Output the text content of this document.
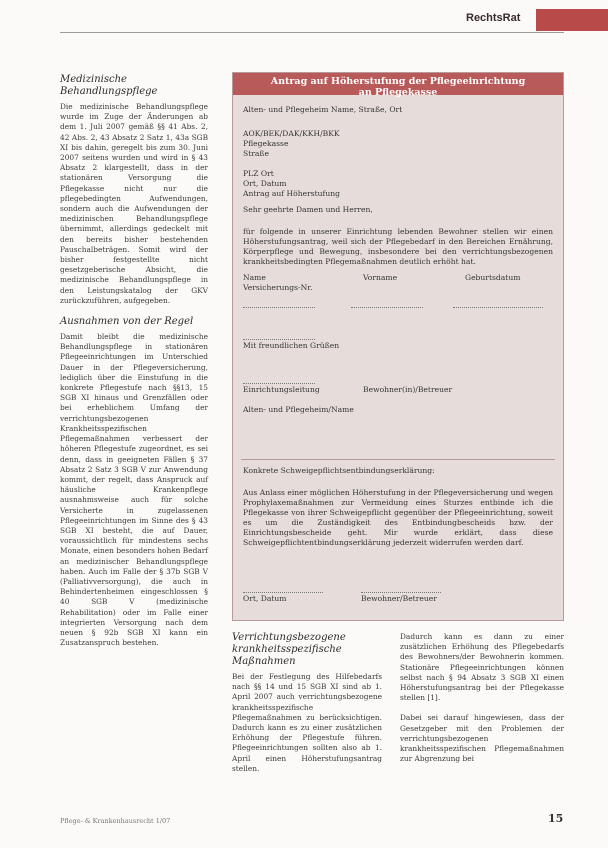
RechtsRat
Medizinische Behandlungspflege

Die medizinische Behandlungspflege wurde im Zuge der Änderungen ab dem 1. Juli 2007 gemäß §§ 41 Abs. 2, 42 Abs. 2, 43 Absatz 2 Satz 1, 43a SGB XI bis dahin, geregelt bis zum 30. Juni 2007 seitens wurden und wird in § 43 Absatz 2 klargestellt, dass in der stationären Versorgung die Pflegekasse nicht nur die pflegebedingten Aufwendungen, sondern auch die Aufwendungen der medizinischen Behandlungspflege übernimmt, allerdings gedeckelt mit den bereits bisher bestehenden Pauschalbeträgen. Somit wird der bisher festgestellte nicht gesetzgeberische Absicht, die medizinische Behandlungspflege in den Leistungskatalog der GKV zurückzuführen, aufgegeben.

Ausnahmen von der Regel

Damit bleibt die medizinische Behandlungspflege in stationären Pflegeeinrichtungen im Unterschied Dauer in der Pflegeversicherung, lediglich über die Einstufung in die konkrete Pflegestufe nach §§13, 15 SGB XI hinaus und Grenzfällen oder bei erheblichem Umfang der verrichtungsbezogenen Krankheitsspezifischen Pflegemaßnahmen verbessert der höheren Pflegestufe zugeordnet, es sei denn, dass in geeigneten Fällen § 37 Absatz 2 Satz 3 SGB V zur Anwendung kommt, der regelt, dass Anspruck auf häusliche Krankenpflege ausnahmsweise auch für solche Versicherte in zugelassenen Pflegeeinrichtungen im Sinne des § 43 SGB XI besteht, die auf Dauer, voraussichtlich für mindestens sechs Monate, einen besonders hohen Bedarf an medizinischer Behandlungspflege haben. Auch im Falle der § 37b SGB V (Palliativversorgung), die auch in Behindertenheimen eingeschlossen § 40 SGB V (medizinische Rehabilitation) oder im Falle einer integrierten Versorgung nach dem neuen § 92b SGB XI kann ein Zusatzanspruch bestehen.

Antrag auf Höherstufung der Pflegeeinrichtung
an Pflegekasse
Alten- und Pflegeheim Name, Straße, Ort
AOK/BEK/DAK/KKH/BKK
Pflegekasse
Straße
PLZ Ort
Ort, Datum
Antrag auf Höherstufung
Sehr geehrte Damen und Herren,
für folgende in unserer Einrichtung lebenden Bewohner stellen wir einen Höherstufungsantrag, weil sich der Pflegebedarf in den Bereichen Ernährung, Körperpflege und Bewegung, insbesondere bei den verrichtungsbezogenen krankheitsbedingten Pflegemaßnahmen deutlich erhöht hat.
Name	Vorname	Geburtsdatum
Versicherungs-Nr.
Mit freundlichen Grüßen
Einrichtungsleitung	Bewohner(in)/Betreuer
Alten- und Pflegeheim/Name
Konkrete Schweigepflichtsentbindungserklärung:
Aus Anlass einer möglichen Höherstufung in der Pflegeversicherung und wegen Prophylaxemaßnahmen zur Vermeidung eines Sturzes entbinde ich die Pflegekasse von ihrer Schweigepflicht gegenüber der Pflegeeinrichtung, soweit es um die Zuständigkeit des Entbindungbescheids bzw. der Einrichtungsbescheide geht. Mir wurde erklärt, dass diese Schweigepflichtentbindungserklärung jederzeit widerrufen werden darf.
Ort, Datum	Bewohner/Betreuer
Verrichtungsbezogene krankheitsspezifische Maßnahmen

Bei der Festlegung des Hilfebedarfs nach §§ 14 und 15 SGB XI sind ab 1. April 2007 auch verrichtungsbezogene krankheitsspezifische Pflegemaßnahmen zu berücksichtigen. Dadurch kann es zu einer zusätzlichen Erhöhung der Pflegestufe führen. Pflegeeinrichtungen sollten also ab 1. April einen Höherstufungsantrag stellen.

Dadurch kann es dann zu einer zusätzlichen Erhöhung des Pflegebedarfs des Bewohners/der Bewohnerin kommen. Stationäre Pflegeeinrichtungen können selbst nach § 94 Absatz 3 SGB XI einen Höherstufungsantrag bei der Pflegekasse stellen [1].

Dabei sei darauf hingewiesen, dass der Gesetzgeber mit den Problemen der verrichtungsbezogenen krankheitsspezifischen Pflegemaßnahmen zur Abgrenzung bei

Pflege- & Krankenhausrecht 1/07	15
